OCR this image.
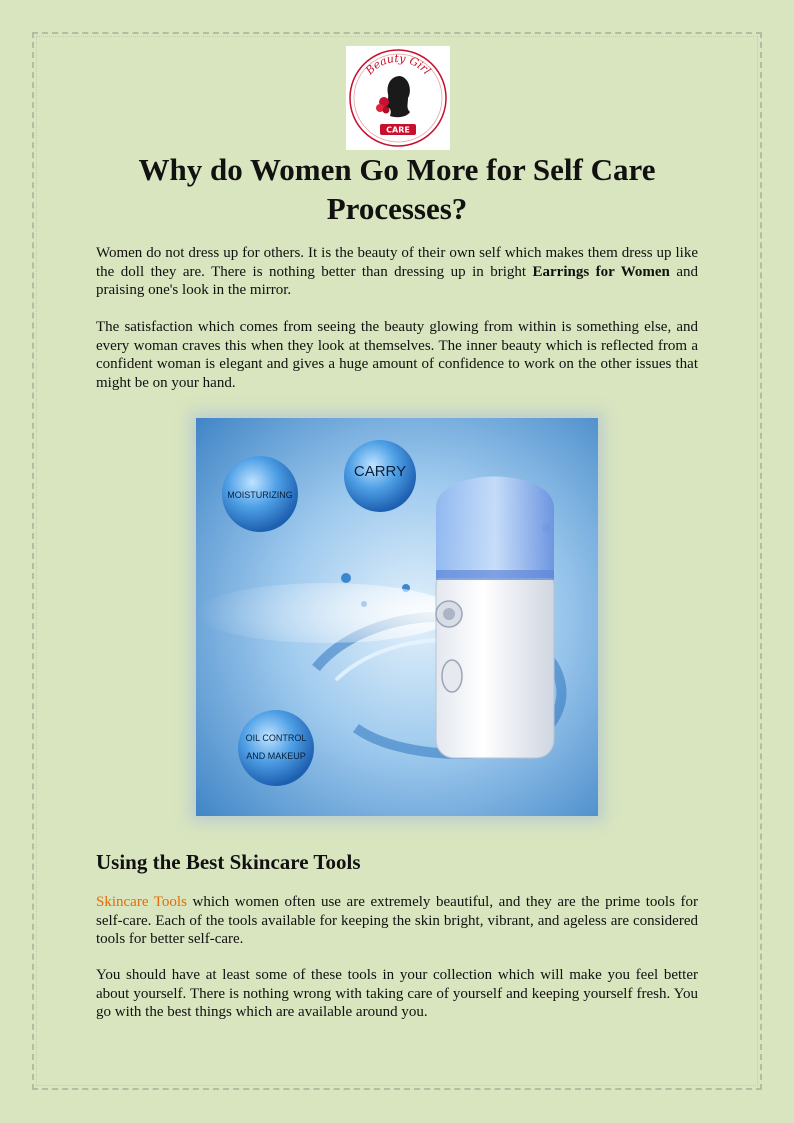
Beauty Girl
CARE
Why do Women Go More for Self Care Processes?

Women do not dress up for others. It is the beauty of their own self which makes them dress up like the doll they are. There is nothing better than dressing up in bright Earrings for Women and praising one's look in the mirror.

The satisfaction which comes from seeing the beauty glowing from within is something else, and every woman craves this when they look at themselves. The inner beauty which is reflected from a confident woman is elegant and gives a huge amount of confidence to work on the other issues that might be on your hand.

MOISTURIZING
CARRY
OIL CONTROL
AND MAKEUP
Using the Best Skincare Tools

Skincare Tools which women often use are extremely beautiful, and they are the prime tools for self-care. Each of the tools available for keeping the skin bright, vibrant, and ageless are considered tools for better self-care.

You should have at least some of these tools in your collection which will make you feel better about yourself. There is nothing wrong with taking care of yourself and keeping yourself fresh. You go with the best things which are available around you.
